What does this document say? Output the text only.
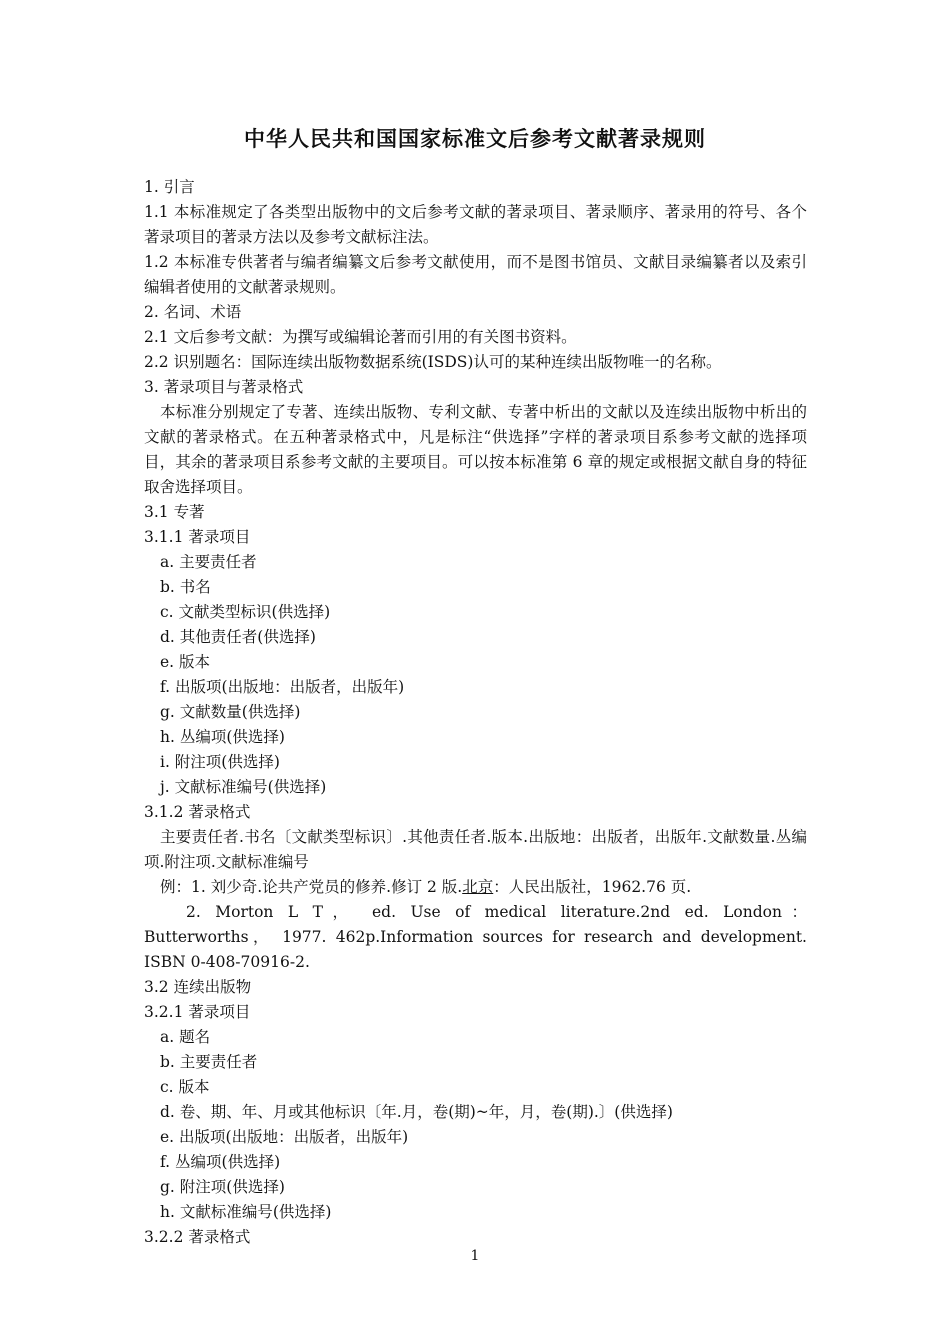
中华人民共和国国家标准文后参考文献著录规则

1. 引言

1.1 本标准规定了各类型出版物中的文后参考文献的著录项目、著录顺序、著录用的符号、各个著录项目的著录方法以及参考文献标注法。

1.2 本标准专供著者与编者编纂文后参考文献使用，而不是图书馆员、文献目录编纂者以及索引编辑者使用的文献著录规则。

2. 名词、术语

2.1 文后参考文献：为撰写或编辑论著而引用的有关图书资料。

2.2 识别题名：国际连续出版物数据系统(ISDS)认可的某种连续出版物唯一的名称。

3. 著录项目与著录格式

本标准分别规定了专著、连续出版物、专利文献、专著中析出的文献以及连续出版物中析出的文献的著录格式。在五种著录格式中，凡是标注“供选择”字样的著录项目系参考文献的选择项目，其余的著录项目系参考文献的主要项目。可以按本标准第 6 章的规定或根据文献自身的特征取舍选择项目。

3.1 专著

3.1.1 著录项目

a. 主要责任者

b. 书名

c. 文献类型标识(供选择)

d. 其他责任者(供选择)

e. 版本

f. 出版项(出版地：出版者，出版年)

g. 文献数量(供选择)

h. 丛编项(供选择)

i. 附注项(供选择)

j. 文献标准编号(供选择)

3.1.2 著录格式

主要责任者.书名〔文献类型标识〕.其他责任者.版本.出版地：出版者，出版年.文献数量.丛编项.附注项.文献标准编号

例：1. 刘少奇.论共产党员的修养.修订 2 版.北京：人民出版社，1962.76 页.

2. Morton L T， ed. Use of medical literature.2nd ed. London： Butterworths， 1977. 462p.Information sources for research and development. ISBN 0-408-70916-2.

3.2 连续出版物

3.2.1 著录项目

a. 题名

b. 主要责任者

c. 版本

d. 卷、期、年、月或其他标识〔年.月，卷(期)~年，月，卷(期).〕(供选择)

e. 出版项(出版地：出版者，出版年)

f. 丛编项(供选择)

g. 附注项(供选择)

h. 文献标准编号(供选择)

3.2.2 著录格式

1
